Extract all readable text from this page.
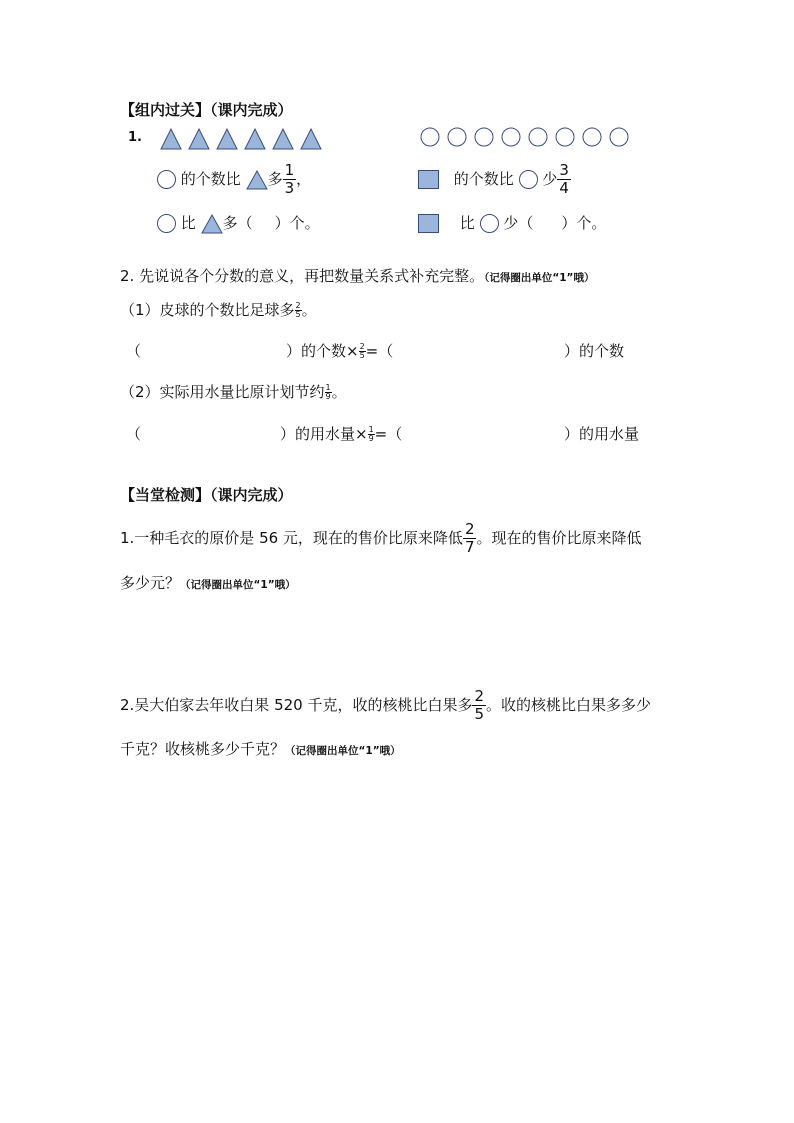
【组内过关】（课内完成）
1.
的个数比 多 $\frac{1}{3}$ ，	的个数比 少 $\frac{3}{4}$
比 多（ ）个。	比 少（ ）个。
2. 先说说各个分数的意义，再把数量关系式补充完整。（记得圈出单位“1”哦）
（1）皮球的个数比足球多 $\frac{2}{5}$ 。
（	）的个数× $\frac{2}{5}$ =（	）的个数
（2）实际用水量比原计划节约 $\frac{1}{9}$ 。
（	）的用水量× $\frac{1}{9}$ =（	）的用水量
【当堂检测】（课内完成）
1.一种毛衣的原价是 56 元，现在的售价比原来降低 $\frac{2}{7}$ 。现在的售价比原来降低
多少元？（记得圈出单位“1”哦）
2.吴大伯家去年收白果 520 千克，收的核桃比白果多 $\frac{2}{5}$ 。收的核桃比白果多多少
千克？收核桃多少千克？（记得圈出单位“1”哦）
